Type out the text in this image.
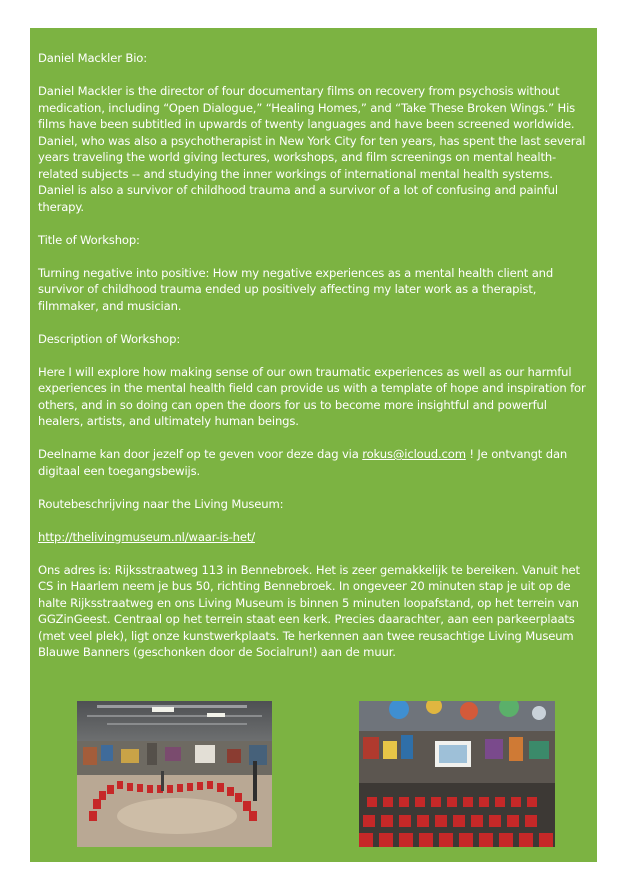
Daniel Mackler Bio:

Daniel Mackler is the director of four documentary films on recovery from psychosis without medication, including “Open Dialogue,” “Healing Homes,” and “Take These Broken Wings.” His films have been subtitled in upwards of twenty languages and have been screened worldwide. Daniel, who was also a psychotherapist in New York City for ten years, has spent the last several years traveling the world giving lectures, workshops, and film screenings on mental health-related subjects -- and studying the inner workings of international mental health systems. Daniel is also a survivor of childhood trauma and a survivor of a lot of confusing and painful therapy.

Title of Workshop:

Turning negative into positive: How my negative experiences as a mental health client and survivor of childhood trauma ended up positively affecting my later work as a therapist, filmmaker, and musician.

Description of Workshop:

Here I will explore how making sense of our own traumatic experiences as well as our harmful experiences in the mental health field can provide us with a template of hope and inspiration for others, and in so doing can open the doors for us to become more insightful and powerful healers, artists, and ultimately human beings.

Deelname kan door jezelf op te geven voor deze dag via rokus@icloud.com ! Je ontvangt dan digitaal een toegangsbewijs.

Routebeschrijving naar the Living Museum:

http://thelivingmuseum.nl/waar-is-het/

Ons adres is: Rijksstraatweg 113 in Bennebroek. Het is zeer gemakkelijk te bereiken. Vanuit het CS in Haarlem neem je bus 50, richting Bennebroek. In ongeveer 20 minuten stap je uit op de halte Rijksstraatweg en ons Living Museum is binnen 5 minuten loopafstand, op het terrein van GGZinGeest. Centraal op het terrein staat een kerk. Precies daarachter, aan een parkeerplaats (met veel plek), ligt onze kunstwerkplaats. Te herkennen aan twee reusachtige Living Museum Blauwe Banners (geschonken door de Socialrun!) aan de muur.
